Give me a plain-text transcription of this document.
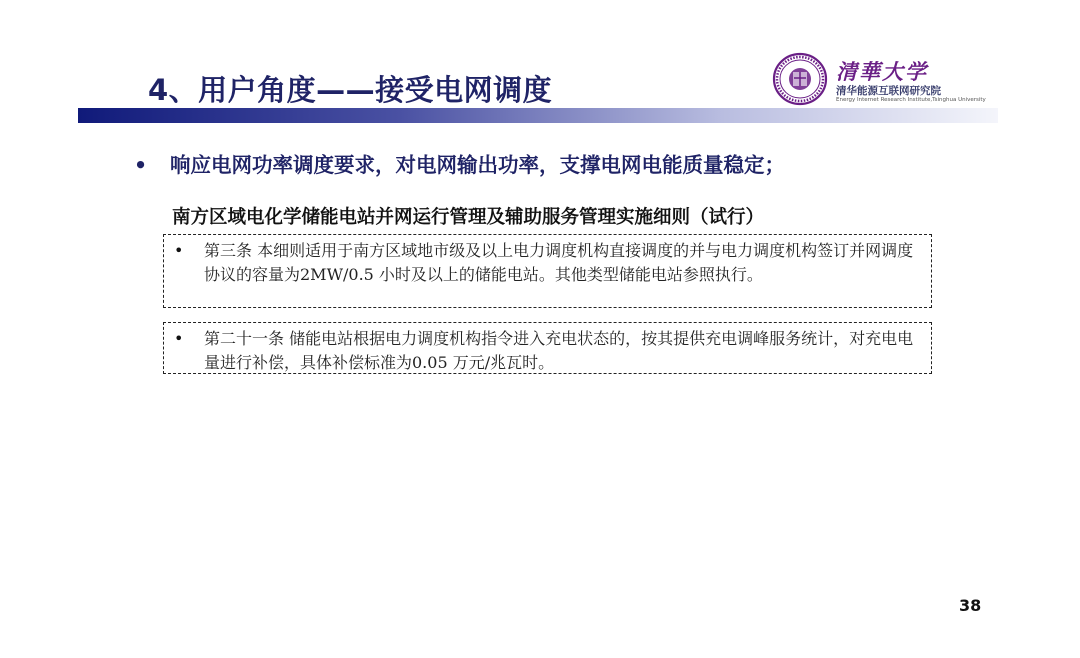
4、用户角度——接受电网调度
清華大学
清华能源互联网研究院
Energy Internet Research Institute,Tsinghua University
• 响应电网功率调度要求，对电网输出功率，支撑电网电能质量稳定；
南方区域电化学储能电站并网运行管理及辅助服务管理实施细则（试行）
•	第三条 本细则适用于南方区域地市级及以上电力调度机构直接调度的并与电力调度机构签订并网调度协议的容量为2MW/0.5 小时及以上的储能电站。其他类型储能电站参照执行。
•	第二十一条 储能电站根据电力调度机构指令进入充电状态的，按其提供充电调峰服务统计，对充电电量进行补偿，具体补偿标准为0.05 万元/兆瓦时。
38
